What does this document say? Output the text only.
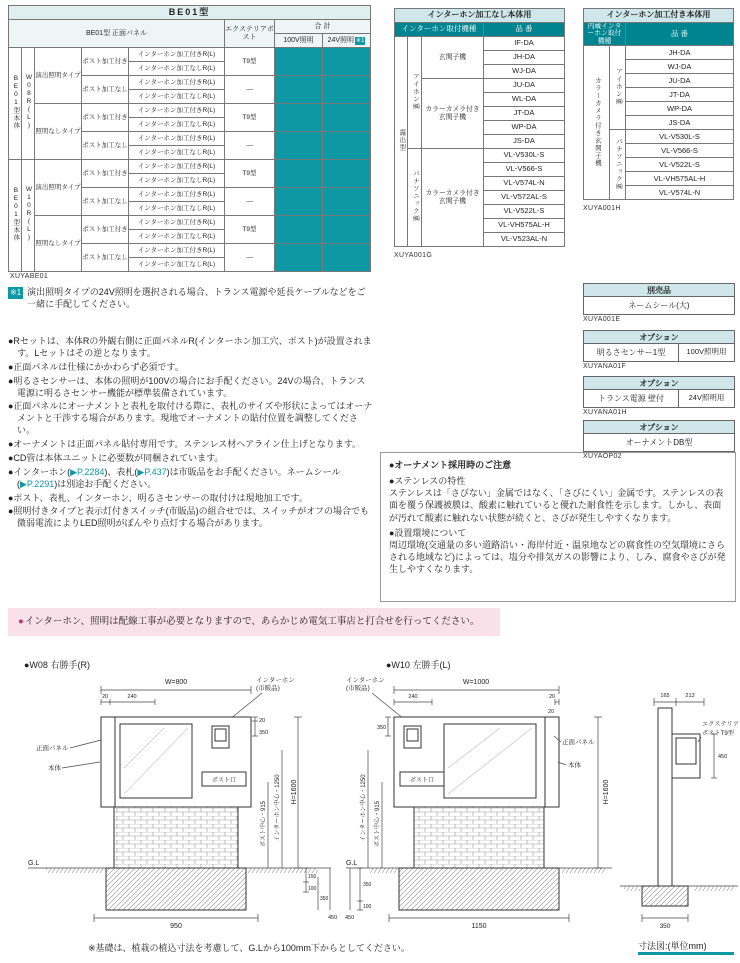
BE01型							
BE01型 正面パネル					エクステリアポスト	合 計	
						100V照明	24V照明 ※1
BE01型本体	W08R(L)	演出照明タイプ	ポスト加工付き	インターホン加工付きR(L)	T9型		
				インターホン加工なしR(L)			
			ポスト加工なし	インターホン加工付きR(L)	―		
				インターホン加工なしR(L)			
		照明なしタイプ	ポスト加工付き	インターホン加工付きR(L)	T9型		
				インターホン加工なしR(L)			
			ポスト加工なし	インターホン加工付きR(L)	―		
				インターホン加工なしR(L)			
BE01型本体	W10R(L)	演出照明タイプ	ポスト加工付き	インターホン加工付きR(L)	T9型		
				インターホン加工なしR(L)			
			ポスト加工なし	インターホン加工付きR(L)	―		
				インターホン加工なしR(L)			
		照明なしタイプ	ポスト加工付き	インターホン加工付きR(L)	T9型		
				インターホン加工なしR(L)			
			ポスト加工なし	インターホン加工付きR(L)	―		
				インターホン加工なしR(L)			
XUYABE01
インターホン加工なし本体用			
インターホン取付機種			品 番
露出型	アイホン㈱	玄関子機	IF-DA
			JH-DA
			WJ-DA
		カラーカメラ付き玄関子機	JU-DA
			WL-DA
			JT-DA
			WP-DA
			JS-DA
	パナソニック㈱	カラーカメラ付き玄関子機	VL-V530L-S
			VL-V566-S
			VL-V574L-N
			VL-V572AL-S
			VL-V522L-S
			VL-VH575AL-H
			VL-V523AL-N
XUYA001G
インターホン加工付き本体用		
内蔵インターホン取付機種		品 番
カラーカメラ付き玄関子機	アイホン㈱	JH-DA
		WJ-DA
		JU-DA
		JT-DA
		WP-DA
		JS-DA
	パナソニック㈱	VL-V530L-S
		VL-V566-S
		VL-V522L-S
		VL-VH575AL-H
		VL-V574L-N
XUYA001H
別売品
ネームシール(大)
XUYA001E
オプション
明るさセンサー1型	100V照明用
XUYANA01F
オプション
トランス電源 壁付	24V照明用
XUYANA01H
オプション
オーナメントDB型
XUYAOP02
※1 演出照明タイプの24V照明を選択される場合、トランス電源や延長ケーブルなどをご一緒に手配してください。
●Rセットは、本体Rの外観右側に正面パネルR(インターホン加工穴、ポスト)が設置されます。Lセットはその逆となります。
●正面パネルは仕様にかかわらず必須です。
●明るさセンサーは、本体の照明が100Vの場合にお手配ください。24Vの場合、トランス電源に明るさセンサー機能が標準装備されています。
●正面パネルにオーナメントと表札を取付ける際に、表札のサイズや形状によってはオーナメントと干渉する場合があります。現地でオーナメントの貼付位置を調整してください。
●オーナメントは正面パネル貼付専用です。ステンレス材ヘアライン仕上げとなります。
●CD管は本体ユニットに必要数が同梱されています。
●インターホン(▶P.2284)、表札(▶P.437)は市販品をお手配ください。ネームシール(▶P.2291)は別途お手配ください。
●ポスト、表札、インターホン、明るさセンサーの取付けは現地加工です。
●照明付きタイプと表示灯付きスイッチ(市販品)の組合せでは、スイッチがオフの場合でも微弱電流によりLED照明がぼんやり点灯する場合があります。
●オーナメント採用時のご注意
●ステンレスの特性
ステンレスは「さびない」金属ではなく、「さびにくい」金属です。ステンレスの表面を覆う保護被膜は、酸素に触れていると優れた耐食性を示します。しかし、表面が汚れて酸素に触れない状態が続くと、さびが発生しやすくなります。
●設置環境について
周辺環境(交通量の多い道路沿い・海岸付近・温泉地などの腐食性の空気環境にさらされる地域など)によっては、塩分や排気ガスの影響により、しみ、腐食やさびが発生しやすくなります。
●インターホン、照明は配線工事が必要となりますので、あらかじめ電気工事店と打合せを行ってください。
●W08 右勝手(R)	●W10 左勝手(L)
W=800
20	240
インターホン
(市販品)
ポスト口
正面パネル
本体
G.L
20
350
ポスト中心・915	インターホン中心・1250 H=1600
150
100
350
450
950
W=1000
240	20
インターホン
(市販品)
ポスト口
正面パネル
本体
20
G.L
350
ポスト中心・915
インターホン中心・1250	H=1600
350
100
450
1150
165	213
エクステリア
ポストT9型
450
350
※基礎は、植栽の植込寸法を考慮して、G.Lから100mm下からとしてください。	寸法図:(単位mm)
